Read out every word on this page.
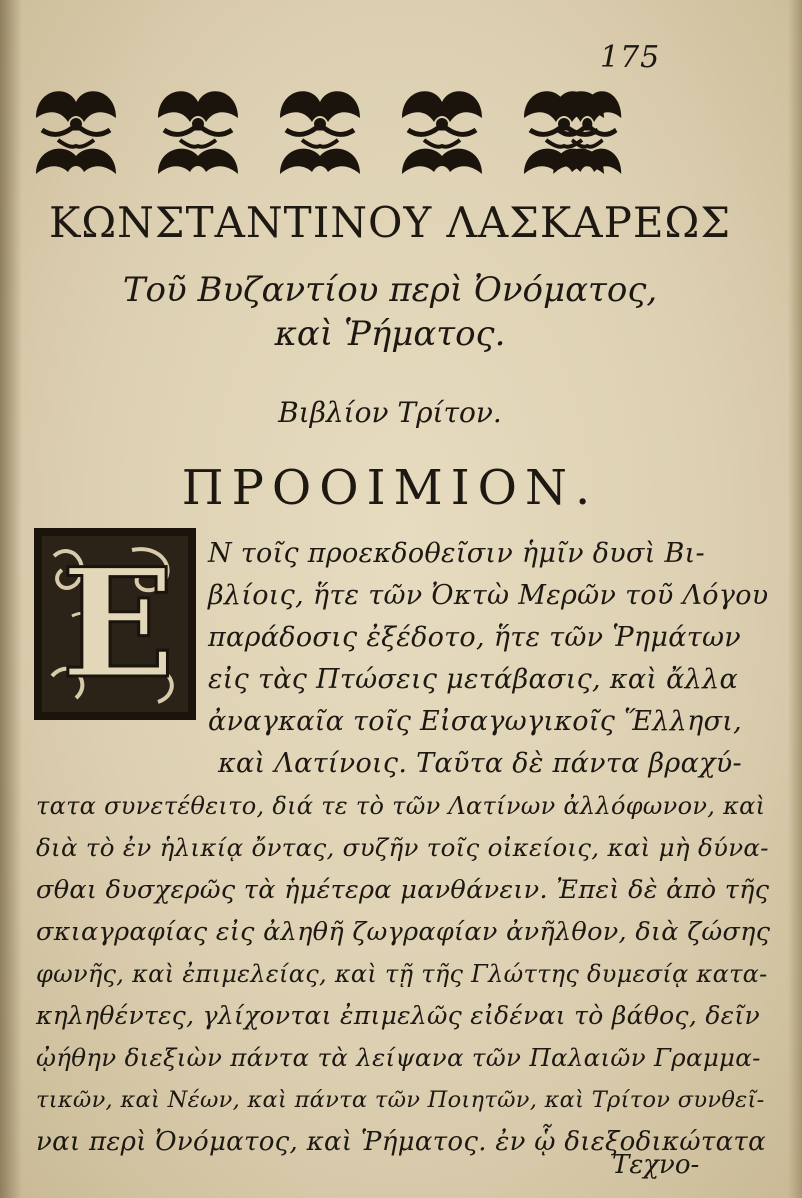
175
ΚΩΝΣΤΑΝΤΙΝΟΥ ΛΑΣΚΑΡΕΩΣ
Τοῦ Βυζαντίου περὶ Ὀνόματος,
καὶ Ῥήματος.
Βιβλίον Τρίτον.
ΠΡΟΟΙΜΙΟΝ.
Ε Ν τοῖς προεκδοθεῖσιν ἡμῖν δυσὶ Βι-
βλίοις, ἥτε τῶν Ὀκτὼ Μερῶν τοῦ Λόγου
παράδοσις ἐξέδοτο, ἥτε τῶν Ῥημάτων
εἰς τὰς Πτώσεις μετάβασις, καὶ ἄλλα
ἀναγκαῖα τοῖς Εἰσαγωγικοῖς Ἕλλησι,
καὶ Λατίνοις. Ταῦτα δὲ πάντα βραχύ-
τατα συνετέθειτο, διά τε τὸ τῶν Λατίνων ἀλλόφωνον, καὶ
διὰ τὸ ἐν ἡλικίᾳ ὄντας, συζῆν τοῖς οἰκείοις, καὶ μὴ δύνα-
σθαι δυσχερῶς τὰ ἡμέτερα μανθάνειν. Ἐπεὶ δὲ ἀπὸ τῆς
σκιαγραφίας εἰς ἀληθῆ ζωγραφίαν ἀνῆλθον, διὰ ζώσης
φωνῆς, καὶ ἐπιμελείας, καὶ τῇ τῆς Γλώττης δυμεσίᾳ κατα-
κηληθέντες, γλίχονται ἐπιμελῶς εἰδέναι τὸ βάθος, δεῖν
ᾠήθην διεξιὼν πάντα τὰ λείψανα τῶν Παλαιῶν Γραμμα-
τικῶν, καὶ Νέων, καὶ πάντα τῶν Ποιητῶν, καὶ Τρίτον συνθεῖ-
ναι περὶ Ὀνόματος, καὶ Ῥήματος. ἐν ᾧ διεξοδικώτατα
Τεχνο-
